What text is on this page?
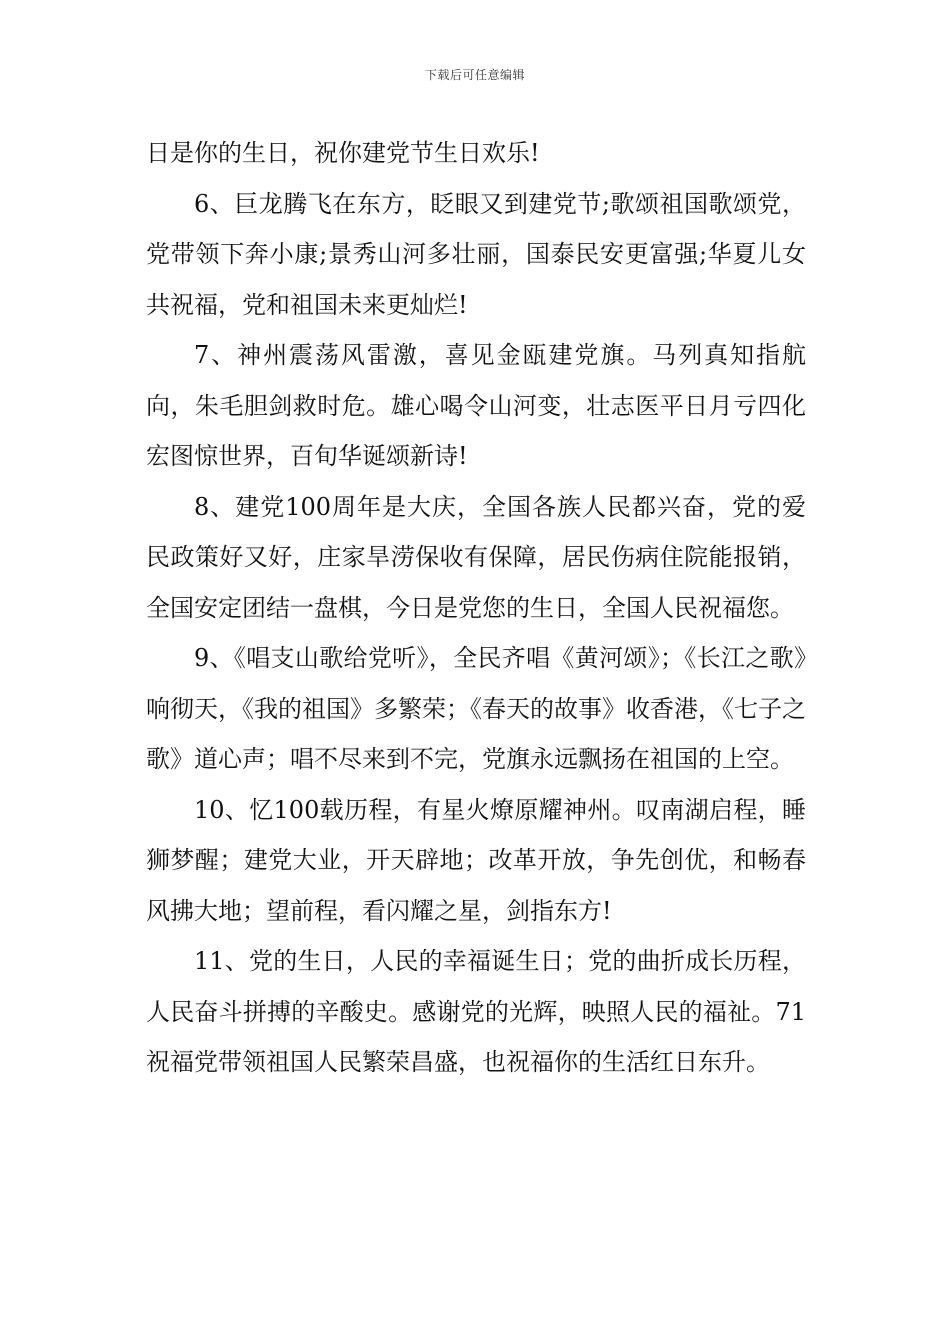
下载后可任意编辑

日是你的生日，祝你建党节生日欢乐!

6、巨龙腾飞在东方，眨眼又到建党节;歌颂祖国歌颂党，党带领下奔小康;景秀山河多壮丽，国泰民安更富强;华夏儿女共祝福，党和祖国未来更灿烂!

7、神州震荡风雷激，喜见金瓯建党旗。马列真知指航向，朱毛胆剑救时危。雄心喝令山河变，壮志医平日月亏四化宏图惊世界，百旬华诞颂新诗!

8、建党100周年是大庆，全国各族人民都兴奋，党的爱民政策好又好，庄家旱涝保收有保障，居民伤病住院能报销，全国安定团结一盘棋，今日是党您的生日，全国人民祝福您。

9、《唱支山歌给党听》，全民齐唱《黄河颂》；《长江之歌》响彻天，《我的祖国》多繁荣；《春天的故事》收香港，《七子之歌》道心声；唱不尽来到不完，党旗永远飘扬在祖国的上空。

10、忆100载历程，有星火燎原耀神州。叹南湖启程，睡狮梦醒；建党大业，开天辟地；改革开放，争先创优，和畅春风拂大地；望前程，看闪耀之星，剑指东方!

11、党的生日，人民的幸福诞生日；党的曲折成长历程，人民奋斗拼搏的辛酸史。感谢党的光辉，映照人民的福祉。71祝福党带领祖国人民繁荣昌盛，也祝福你的生活红日东升。
